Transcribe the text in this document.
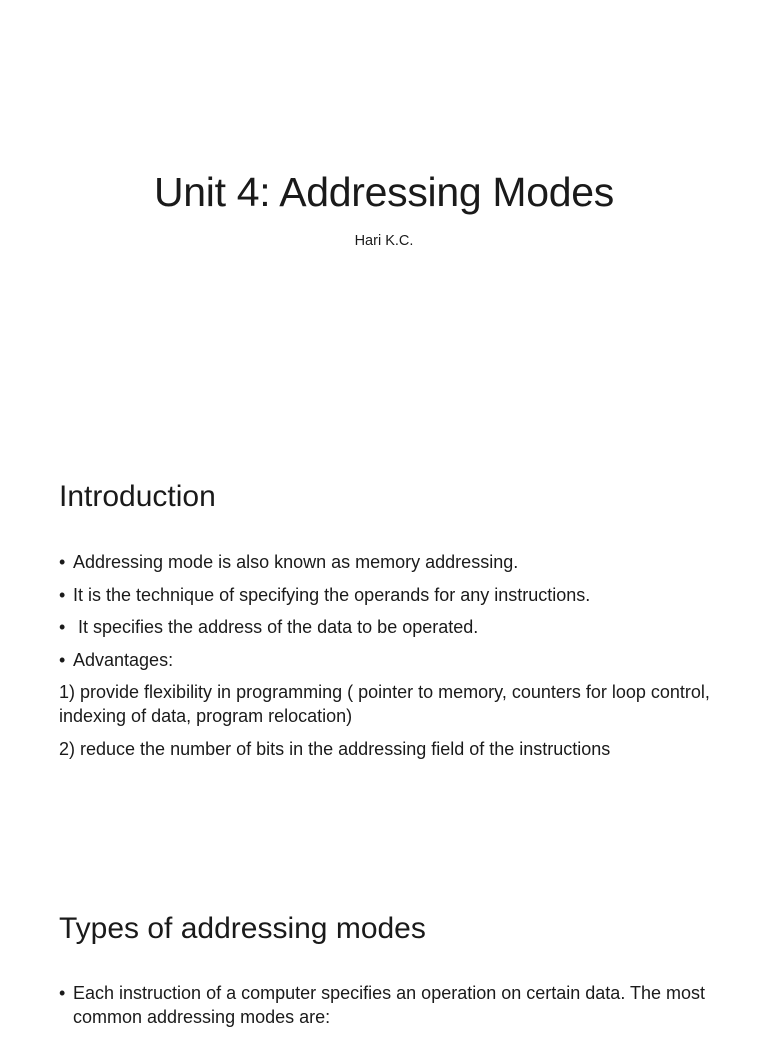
Unit 4: Addressing Modes
Hari K.C.
Introduction
• Addressing mode is also known as memory addressing.
• It is the technique of specifying the operands for any instructions.
• It specifies the address of the data to be operated.
• Advantages:
1) provide flexibility in programming ( pointer to memory, counters for loop control, indexing of data, program relocation)
2) reduce the number of bits in the addressing field of the instructions
Types of addressing modes
• Each instruction of a computer specifies an operation on certain data. The most common addressing modes are:
